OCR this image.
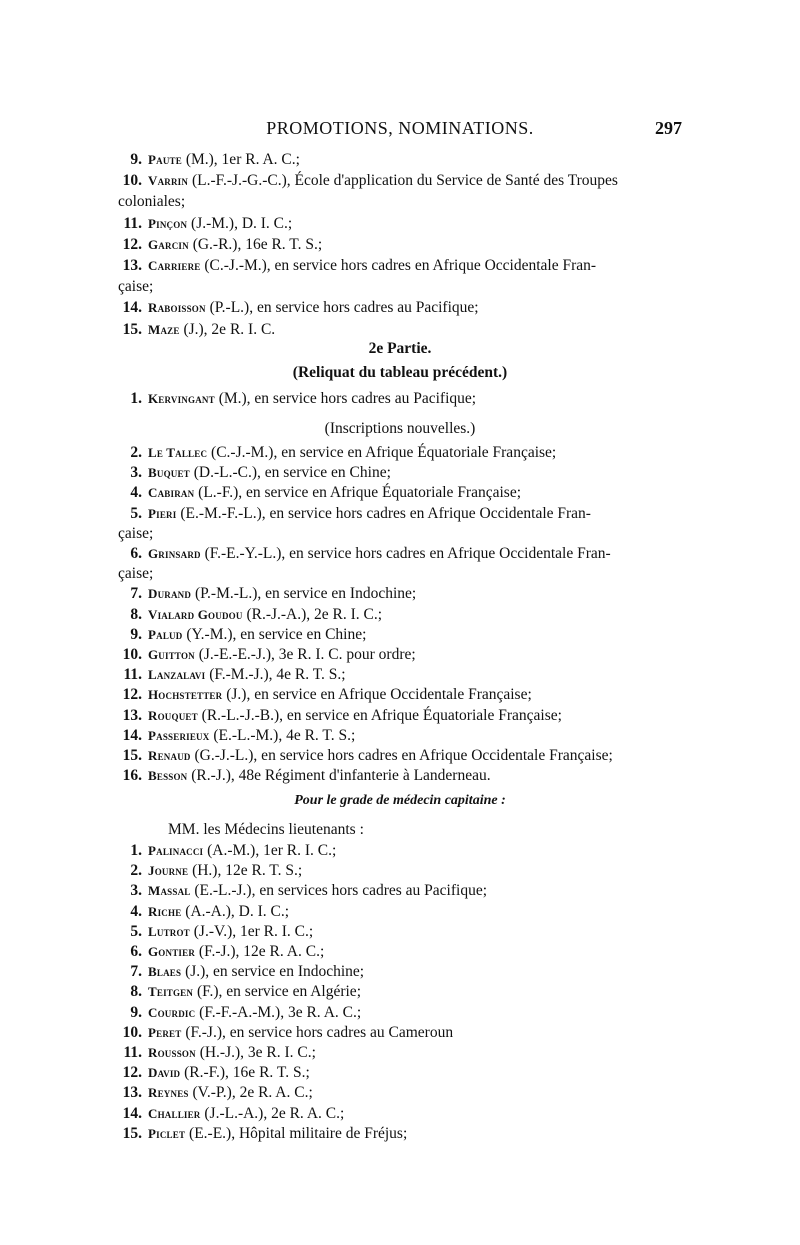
PROMOTIONS, NOMINATIONS.	297
9. Paute (M.), 1er R. A. C.;
10. Varrin (L.-F.-J.-G.-C.), École d'application du Service de Santé des Troupes
coloniales;
11. Pinçon (J.-M.), D. I. C.;
12. Garcin (G.-R.), 16e R. T. S.;
13. Carriere (C.-J.-M.), en service hors cadres en Afrique Occidentale Fran-
çaise;
14. Raboisson (P.-L.), en service hors cadres au Pacifique;
15. Maze (J.), 2e R. I. C.
2e Partie.
(Reliquat du tableau précédent.)
1. Kervingant (M.), en service hors cadres au Pacifique;
(Inscriptions nouvelles.)
2. Le Tallec (C.-J.-M.), en service en Afrique Équatoriale Française;
3. Buquet (D.-L.-C.), en service en Chine;
4. Cabiran (L.-F.), en service en Afrique Équatoriale Française;
5. Pieri (E.-M.-F.-L.), en service hors cadres en Afrique Occidentale Fran-
çaise;
6. Grinsard (F.-E.-Y.-L.), en service hors cadres en Afrique Occidentale Fran-
çaise;
7. Durand (P.-M.-L.), en service en Indochine;
8. Vialard Goudou (R.-J.-A.), 2e R. I. C.;
9. Palud (Y.-M.), en service en Chine;
10. Guitton (J.-E.-E.-J.), 3e R. I. C. pour ordre;
11. Lanzalavi (F.-M.-J.), 4e R. T. S.;
12. Hochstetter (J.), en service en Afrique Occidentale Française;
13. Rouquet (R.-L.-J.-B.), en service en Afrique Équatoriale Française;
14. Passerieux (E.-L.-M.), 4e R. T. S.;
15. Renaud (G.-J.-L.), en service hors cadres en Afrique Occidentale Française;
16. Besson (R.-J.), 48e Régiment d'infanterie à Landerneau.
Pour le grade de médecin capitaine :
MM. les Médecins lieutenants :
1. Palinacci (A.-M.), 1er R. I. C.;
2. Journe (H.), 12e R. T. S.;
3. Massal (E.-L.-J.), en services hors cadres au Pacifique;
4. Riche (A.-A.), D. I. C.;
5. Lutrot (J.-V.), 1er R. I. C.;
6. Gontier (F.-J.), 12e R. A. C.;
7. Blaes (J.), en service en Indochine;
8. Teitgen (F.), en service en Algérie;
9. Courdic (F.-F.-A.-M.), 3e R. A. C.;
10. Peret (F.-J.), en service hors cadres au Cameroun
11. Rousson (H.-J.), 3e R. I. C.;
12. David (R.-F.), 16e R. T. S.;
13. Reynes (V.-P.), 2e R. A. C.;
14. Challier (J.-L.-A.), 2e R. A. C.;
15. Piclet (E.-E.), Hôpital militaire de Fréjus;
